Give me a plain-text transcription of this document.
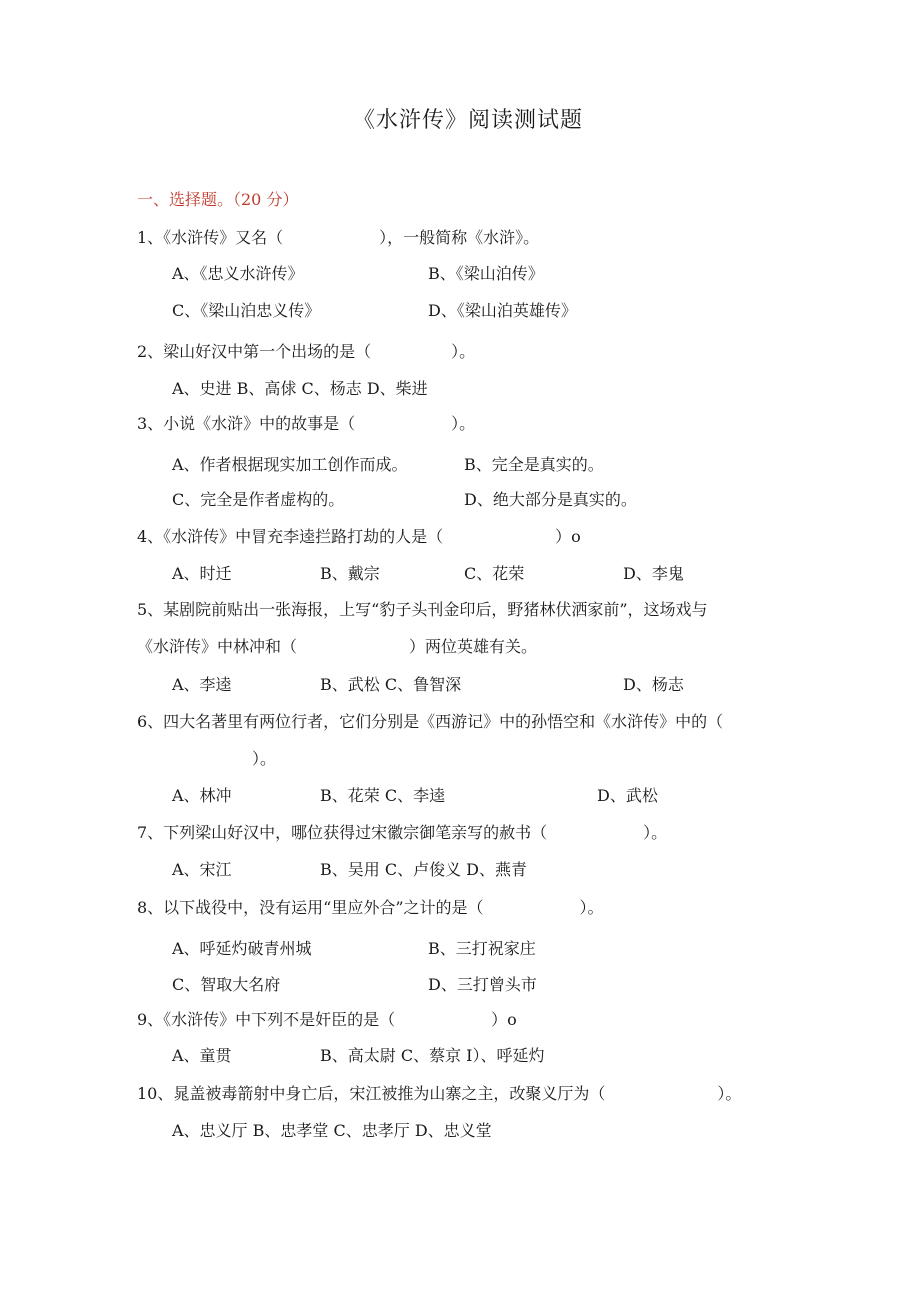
《水浒传》阅读测试题
一、选择题。（20 分）
1、《水浒传》又名（　　　　　　），一般简称《水浒》。
A、《忠义水浒传》	B、《梁山泊传》
C、《梁山泊忠义传》	D、《梁山泊英雄传》
2、梁山好汉中第一个出场的是（　　　　　）。
A、史进 B、高俅 C、杨志 D、柴进
3、小说《水浒》中的故事是（　　　　　　）。
A、作者根据现实加工创作而成。	B、完全是真实的。
C、完全是作者虚构的。	D、绝大部分是真实的。
4、《水浒传》中冒充李逵拦路打劫的人是（　　　　　　　）o
A、时迁	B、戴宗	C、花荣	D、李鬼
5、某剧院前贴出一张海报，上写“豹子头刊金印后，野猪林伏洒家前”，这场戏与
《水浒传》中林冲和（　　　　　　　）两位英雄有关。
A、李逵	B、武松 C、鲁智深	D、杨志
6、四大名著里有两位行者，它们分别是《西游记》中的孙悟空和《水浒传》中的（
）。
A、林冲	B、花荣 C、李逵	D、武松
7、下列梁山好汉中，哪位获得过宋徽宗御笔亲写的赦书（　　　　　　）。
A、宋江	B、吴用 C、卢俊义 D、燕青
8、以下战役中，没有运用“里应外合”之计的是（　　　　　　）。
A、呼延灼破青州城	B、三打祝家庄
C、智取大名府	D、三打曾头市
9、《水浒传》中下列不是奸臣的是（　　　　　　）o
A、童贯	B、高太尉 C、蔡京 I）、呼延灼
10、晁盖被毒箭射中身亡后，宋江被推为山寨之主，改聚义厅为（　　　　　　　）。
A、忠义厅 B、忠孝堂 C、忠孝厅 D、忠义堂
